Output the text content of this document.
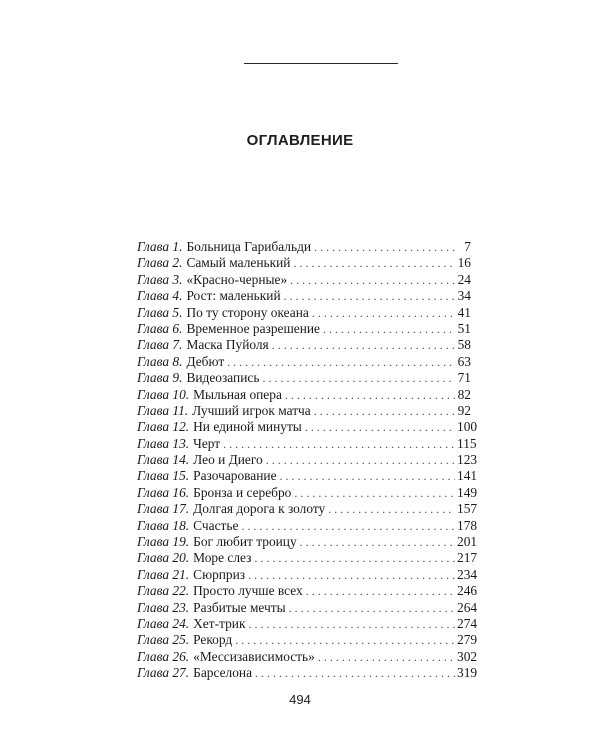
ОГЛАВЛЕНИЕ
Глава 1. Больница Гарибальди . . .	7
Глава 2. Самый маленький . . .	16
Глава 3. «Красно-черные» . . .	24
Глава 4. Рост: маленький . . .	34
Глава 5. По ту сторону океана . . .	41
Глава 6. Временное разрешение . . .	51
Глава 7. Маска Пуйоля . . .	58
Глава 8. Дебют . . .	63
Глава 9. Видеозапись . . .	71
Глава 10. Мыльная опера . . .	82
Глава 11. Лучший игрок матча . . .	92
Глава 12. Ни единой минуты . . .	100
Глава 13. Черт . . .	115
Глава 14. Лео и Диего . . .	123
Глава 15. Разочарование . . .	141
Глава 16. Бронза и серебро . . .	149
Глава 17. Долгая дорога к золоту . . .	157
Глава 18. Счастье . . .	178
Глава 19. Бог любит троицу . . .	201
Глава 20. Море слез . . .	217
Глава 21. Сюрприз . . .	234
Глава 22. Просто лучше всех . . .	246
Глава 23. Разбитые мечты . . .	264
Глава 24. Хет-трик . . .	274
Глава 25. Рекорд . . .	279
Глава 26. «Мессизависимость» . . .	302
Глава 27. Барселона . . .	319
494
